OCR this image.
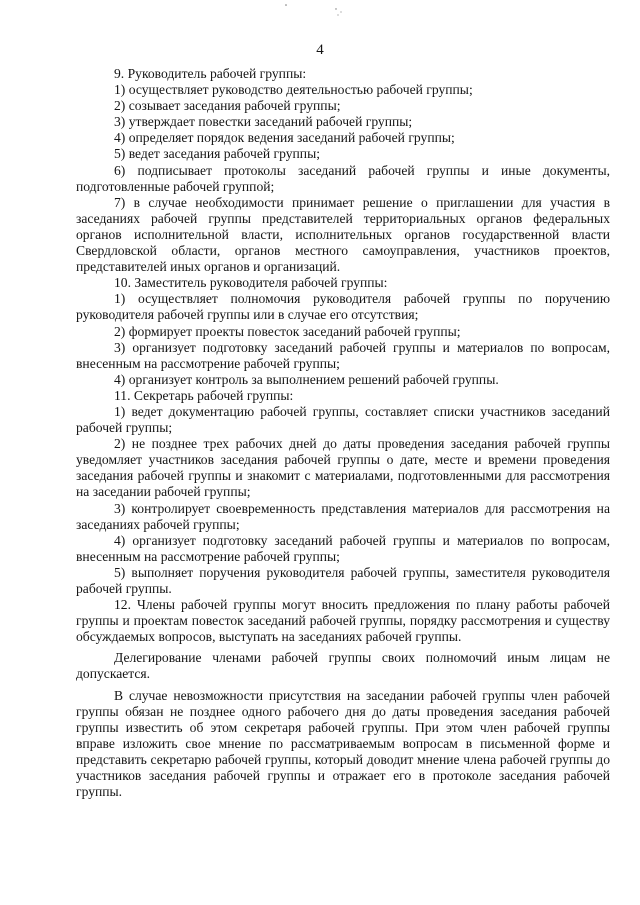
4

9. Руководитель рабочей группы:

1) осуществляет руководство деятельностью рабочей группы;

2) созывает заседания рабочей группы;

3) утверждает повестки заседаний рабочей группы;

4) определяет порядок ведения заседаний рабочей группы;

5) ведет заседания рабочей группы;

6) подписывает протоколы заседаний рабочей группы и иные документы, подготовленные рабочей группой;

7) в случае необходимости принимает решение о приглашении для участия в заседаниях рабочей группы представителей территориальных органов федеральных органов исполнительной власти, исполнительных органов государственной власти Свердловской области, органов местного самоуправления, участников проектов, представителей иных органов и организаций.

10. Заместитель руководителя рабочей группы:

1) осуществляет полномочия руководителя рабочей группы по поручению руководителя рабочей группы или в случае его отсутствия;

2) формирует проекты повесток заседаний рабочей группы;

3) организует подготовку заседаний рабочей группы и материалов по вопросам, внесенным на рассмотрение рабочей группы;

4) организует контроль за выполнением решений рабочей группы.

11. Секретарь рабочей группы:

1) ведет документацию рабочей группы, составляет списки участников заседаний рабочей группы;

2) не позднее трех рабочих дней до даты проведения заседания рабочей группы уведомляет участников заседания рабочей группы о дате, месте и времени проведения заседания рабочей группы и знакомит с материалами, подготовленными для рассмотрения на заседании рабочей группы;

3) контролирует своевременность представления материалов для рассмотрения на заседаниях рабочей группы;

4) организует подготовку заседаний рабочей группы и материалов по вопросам, внесенным на рассмотрение рабочей группы;

5) выполняет поручения руководителя рабочей группы, заместителя руководителя рабочей группы.

12. Члены рабочей группы могут вносить предложения по плану работы рабочей группы и проектам повесток заседаний рабочей группы, порядку рассмотрения и существу обсуждаемых вопросов, выступать на заседаниях рабочей группы.

Делегирование членами рабочей группы своих полномочий иным лицам не допускается.

В случае невозможности присутствия на заседании рабочей группы член рабочей группы обязан не позднее одного рабочего дня до даты проведения заседания рабочей группы известить об этом секретаря рабочей группы. При этом член рабочей группы вправе изложить свое мнение по рассматриваемым вопросам в письменной форме и представить секретарю рабочей группы, который доводит мнение члена рабочей группы до участников заседания рабочей группы и отражает его в протоколе заседания рабочей группы.
